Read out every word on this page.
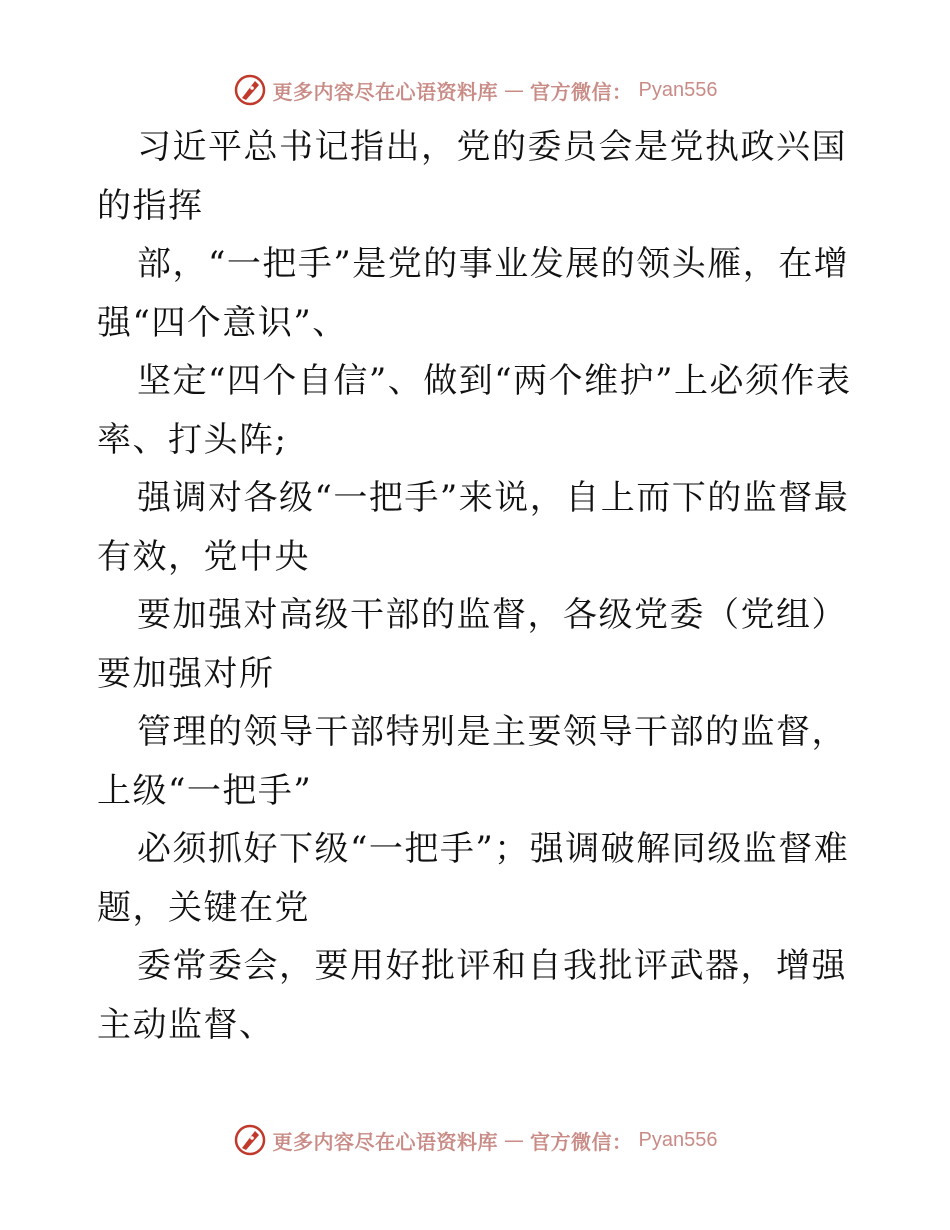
更多内容尽在心语资料库 — 官方微信： Pyan556

习近平总书记指出，党的委员会是党执政兴国的指挥

部，“一把手”是党的事业发展的领头雁，在增强“四个意识”、

坚定“四个自信”、做到“两个维护”上必须作表率、打头阵;

强调对各级“一把手”来说，自上而下的监督最有效，党中央

要加强对高级干部的监督，各级党委（党组）要加强对所

管理的领导干部特别是主要领导干部的监督，上级“一把手”

必须抓好下级“一把手”；强调破解同级监督难题，关键在党

委常委会，要用好批评和自我批评武器，增强主动监督、

更多内容尽在心语资料库 — 官方微信： Pyan556
